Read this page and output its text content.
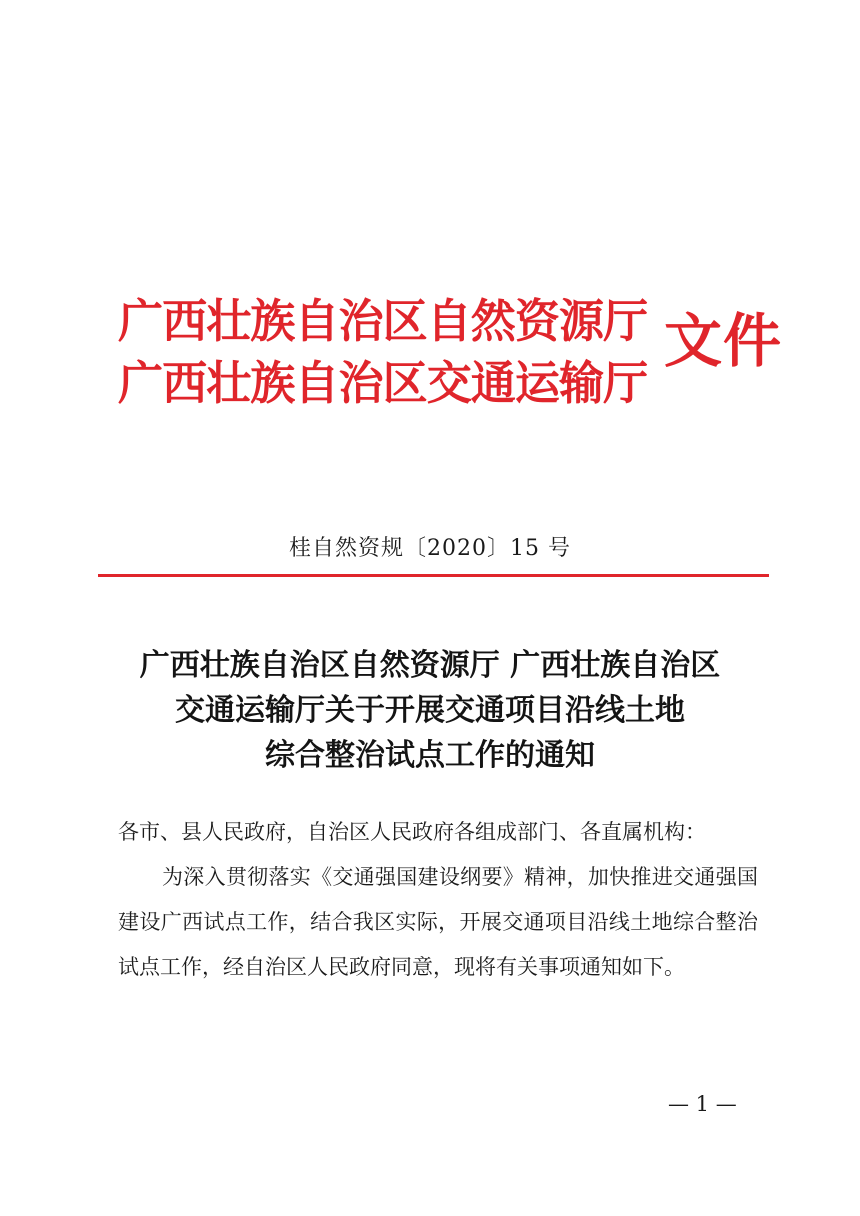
广西壮族自治区自然资源厅
广西壮族自治区交通运输厅
文件
桂自然资规〔2020〕15 号
广西壮族自治区自然资源厅 广西壮族自治区
交通运输厅关于开展交通项目沿线土地
综合整治试点工作的通知

各市、县人民政府，自治区人民政府各组成部门、各直属机构：

为深入贯彻落实《交通强国建设纲要》精神，加快推进交通强国建设广西试点工作，结合我区实际，开展交通项目沿线土地综合整治试点工作，经自治区人民政府同意，现将有关事项通知如下。

— 1 —
